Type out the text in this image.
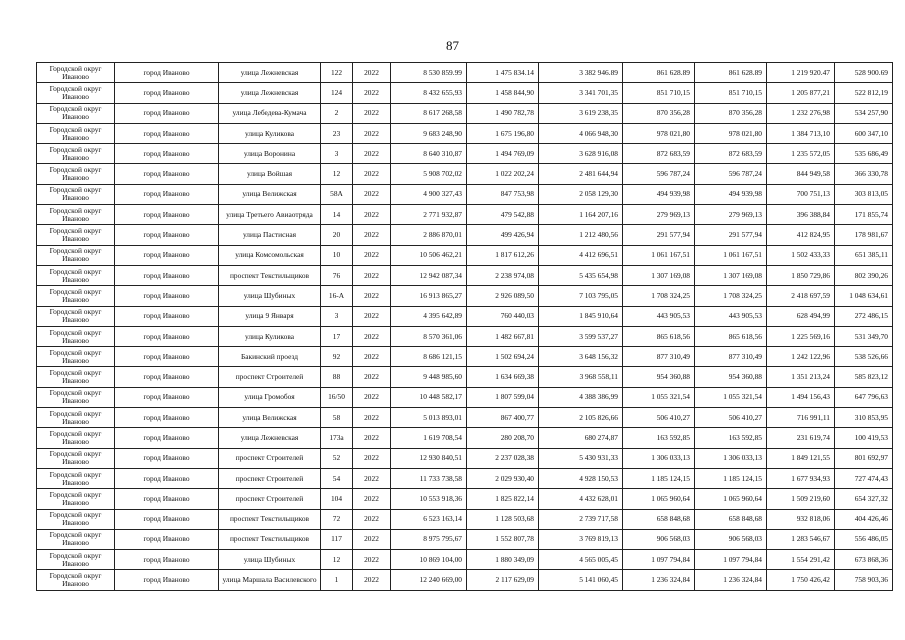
87
Городской округ Иваново	город Иваново	улица Лежневская	122	2022	8 530 859.99	1 475 834.14	3 382 946.89	861 628.89	861 628.89	1 219 920.47	528 900.69
Городской округ Иваново	город Иваново	улица Лежневская	124	2022	8 432 655,93	1 458 844,90	3 341 701,35	851 710,15	851 710,15	1 205 877,21	522 812,19
Городской округ Иваново	город Иваново	улица Лебедева-Кумача	2	2022	8 617 268,58	1 490 782,78	3 619 238,35	870 356,28	870 356,28	1 232 276,98	534 257,90
Городской округ Иваново	город Иваново	улица Куликова	23	2022	9 683 248,90	1 675 196,80	4 066 948,30	978 021,80	978 021,80	1 384 713,10	600 347,10
Городской округ Иваново	город Иваново	улица Воронина	3	2022	8 640 310,87	1 494 769,09	3 628 916,08	872 683,59	872 683,59	1 235 572,05	535 686,49
Городской округ Иваново	город Иваново	улица Войшая	12	2022	5 908 702,02	1 022 202,24	2 481 644,94	596 787,24	596 787,24	844 949,58	366 330,78
Городской округ Иваново	город Иваново	улица Велижская	58А	2022	4 900 327,43	847 753,98	2 058 129,30	494 939,98	494 939,98	700 751,13	303 813,05
Городской округ Иваново	город Иваново	улица Третьего Авиаотряда	14	2022	2 771 932,87	479 542,88	1 164 207,16	279 969,13	279 969,13	396 388,84	171 855,74
Городской округ Иваново	город Иваново	улица Пастисная	20	2022	2 886 870,01	499 426,94	1 212 480,56	291 577,94	291 577,94	412 824,95	178 981,67
Городской округ Иваново	город Иваново	улица Комсомольская	10	2022	10 506 462,21	1 817 612,26	4 412 696,51	1 061 167,51	1 061 167,51	1 502 433,33	651 385,11
Городской округ Иваново	город Иваново	проспект Текстильщиков	76	2022	12 942 087,34	2 238 974,08	5 435 654,98	1 307 169,08	1 307 169,08	1 850 729,86	802 390,26
Городской округ Иваново	город Иваново	улица Шубиных	16-А	2022	16 913 865,27	2 926 089,50	7 103 795,05	1 708 324,25	1 708 324,25	2 418 697,59	1 048 634,61
Городской округ Иваново	город Иваново	улица 9 Января	3	2022	4 395 642,89	760 440,03	1 845 910,64	443 905,53	443 905,53	628 494,99	272 486,15
Городской округ Иваново	город Иваново	улица Куликова	17	2022	8 570 361,06	1 482 667,81	3 599 537,27	865 618,56	865 618,56	1 225 569,16	531 349,70
Городской округ Иваново	город Иваново	Бакинский проезд	92	2022	8 686 121,15	1 502 694,24	3 648 156,32	877 310,49	877 310,49	1 242 122,96	538 526,66
Городской округ Иваново	город Иваново	проспект Строителей	88	2022	9 448 985,60	1 634 669,38	3 968 558,11	954 360,88	954 360,88	1 351 213,24	585 823,12
Городской округ Иваново	город Иваново	улица Громобоя	16/50	2022	10 448 582,17	1 807 599,04	4 388 386,99	1 055 321,54	1 055 321,54	1 494 156,43	647 796,63
Городской округ Иваново	город Иваново	улица Велижская	58	2022	5 013 893,01	867 400,77	2 105 826,66	506 410,27	506 410,27	716 991,11	310 853,95
Городской округ Иваново	город Иваново	улица Лежневская	173а	2022	1 619 708,54	280 208,70	680 274,87	163 592,85	163 592,85	231 619,74	100 419,53
Городской округ Иваново	город Иваново	проспект Строителей	52	2022	12 930 840,51	2 237 028,38	5 430 931,33	1 306 033,13	1 306 033,13	1 849 121,55	801 692,97
Городской округ Иваново	город Иваново	проспект Строителей	54	2022	11 733 738,58	2 029 930,40	4 928 150,53	1 185 124,15	1 185 124,15	1 677 934,93	727 474,43
Городской округ Иваново	город Иваново	проспект Строителей	104	2022	10 553 918,36	1 825 822,14	4 432 628,01	1 065 960,64	1 065 960,64	1 509 219,60	654 327,32
Городской округ Иваново	город Иваново	проспект Текстильщиков	72	2022	6 523 163,14	1 128 503,68	2 739 717,58	658 848,68	658 848,68	932 818,06	404 426,46
Городской округ Иваново	город Иваново	проспект Текстильщиков	117	2022	8 975 795,67	1 552 807,78	3 769 819,13	906 568,03	906 568,03	1 283 546,67	556 486,05
Городской округ Иваново	город Иваново	улица Шубиных	12	2022	10 869 104,00	1 880 349,09	4 565 005,45	1 097 794,84	1 097 794,84	1 554 291,42	673 868,36
Городской округ Иваново	город Иваново	улица Маршала Василевского	1	2022	12 240 669,00	2 117 629,09	5 141 060,45	1 236 324,84	1 236 324,84	1 750 426,42	758 903,36
